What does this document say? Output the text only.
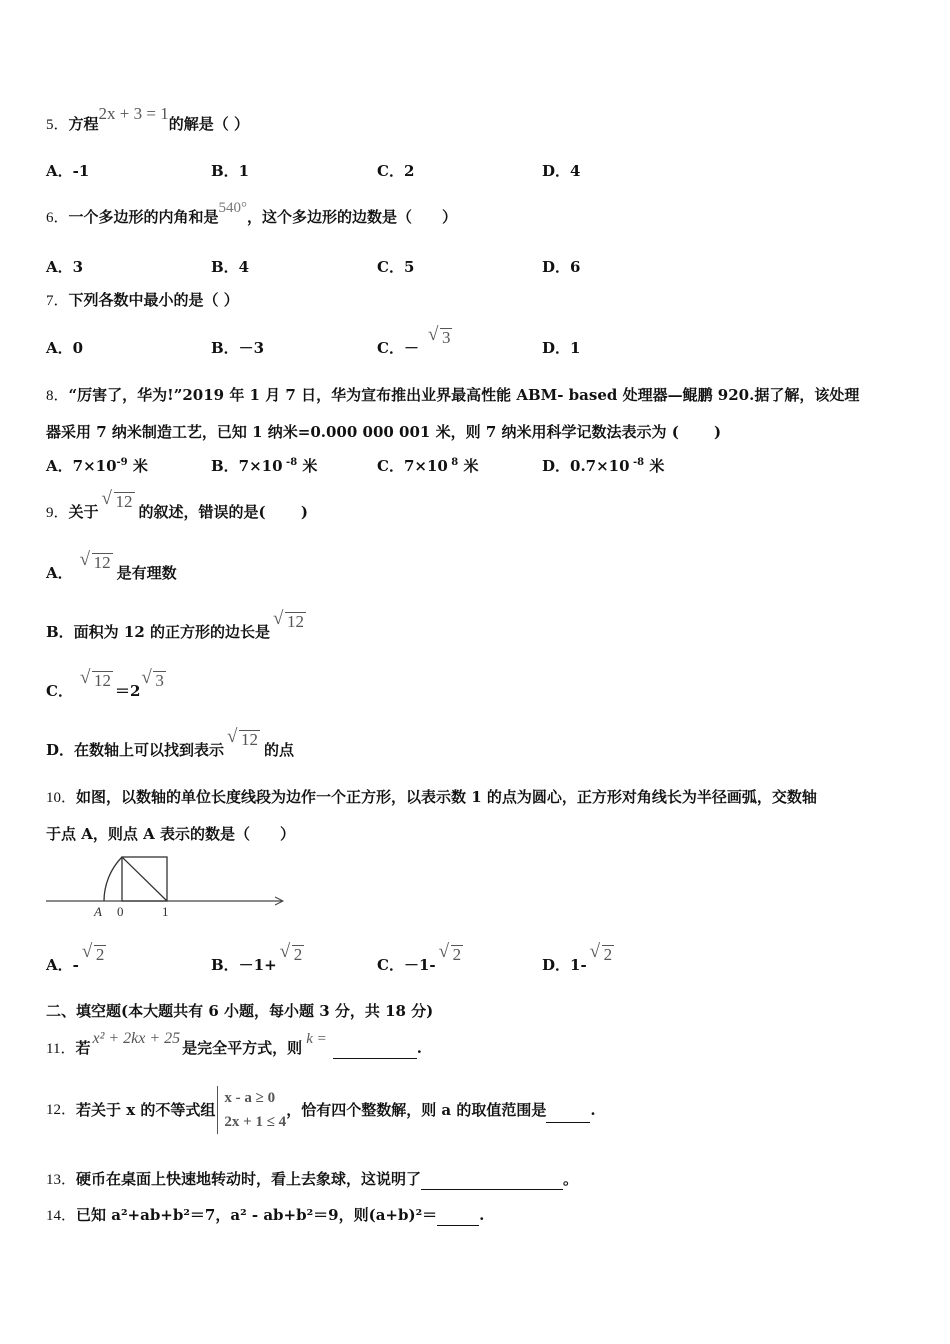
5．方程2x + 3 = 1的解是（ ）
A．-1	B．1	C．2	D．4
6．一个多边形的内角和是540°，这个多边形的边数是（　　）
A．3	B．4	C．5	D．6
7．下列各数中最小的是（ ）
A．0	B．－3	C．－√ 3
D．1
8．“厉害了，华为!”2019 年 1 月 7 日，华为宣布推出业界最高性能 ABM- based 处理器—鲲鹏 920.据了解，该处理
器采用 7 纳米制造工艺，已知 1 纳米=0.000 000 001 米，则 7 纳米用科学记数法表示为 (　　 )
A．$7\times 10^{-9}$ 米	B．7×10 $^{-8}$ 米	C．7×10 $^8$ 米	D．0.7×10 $^{-8}$ 米
9．关于√ 12的叙述，错误的是(　　 )
A．√ 12是有理数
B．面积为 12 的正方形的边长是√ 12
C．√ 12＝2√ 3
D．在数轴上可以找到表示√ 12的点
10．如图，以数轴的单位长度线段为边作一个正方形，以表示数 1 的点为圆心，正方形对角线长为半径画弧，交数轴
于点 A，则点 A 表示的数是（　　）
A 0	1
A．-√ 2
B．－1+√ 2
C．－1-√ 2
D．1-√ 2
二、填空题(本大题共有 6 小题，每小题 3 分，共 18 分)
11．若x² + 2kx + 25是完全平方式，则 k =	.
12．若关于 x 的不等式组
x - a ≥ 0
2x + 1 ≤ 4
，恰有四个整数解，则 a 的取值范围是	.
13．硬币在桌面上快速地转动时，看上去象球，这说明了	。
14．已知 a²+ab+b²＝7，a² - ab+b²＝9，则(a+b)²＝	.
